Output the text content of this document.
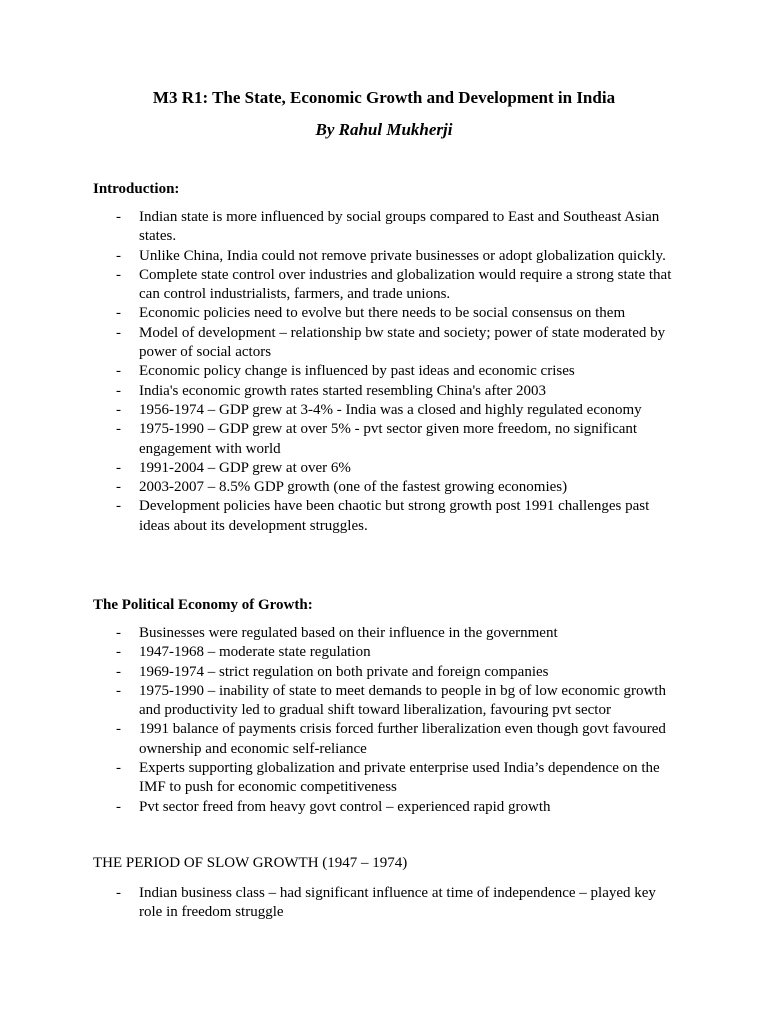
M3 R1: The State, Economic Growth and Development in India
By Rahul Mukherji
Introduction:
- Indian state is more influenced by social groups compared to East and Southeast Asian states.
- Unlike China, India could not remove private businesses or adopt globalization quickly.
- Complete state control over industries and globalization would require a strong state that can control industrialists, farmers, and trade unions.
- Economic policies need to evolve but there needs to be social consensus on them
- Model of development – relationship bw state and society; power of state moderated by power of social actors
- Economic policy change is influenced by past ideas and economic crises
- India's economic growth rates started resembling China's after 2003
- 1956-1974 – GDP grew at 3-4% - India was a closed and highly regulated economy
- 1975-1990 – GDP grew at over 5% - pvt sector given more freedom, no significant engagement with world
- 1991-2004 – GDP grew at over 6%
- 2003-2007 – 8.5% GDP growth (one of the fastest growing economies)
- Development policies have been chaotic but strong growth post 1991 challenges past ideas about its development struggles.
The Political Economy of Growth:
- Businesses were regulated based on their influence in the government
- 1947-1968 – moderate state regulation
- 1969-1974 – strict regulation on both private and foreign companies
- 1975-1990 – inability of state to meet demands to people in bg of low economic growth and productivity led to gradual shift toward liberalization, favouring pvt sector
- 1991 balance of payments crisis forced further liberalization even though govt favoured ownership and economic self-reliance
- Experts supporting globalization and private enterprise used India’s dependence on the IMF to push for economic competitiveness
- Pvt sector freed from heavy govt control – experienced rapid growth
THE PERIOD OF SLOW GROWTH (1947 – 1974)
- Indian business class – had significant influence at time of independence – played key role in freedom struggle
